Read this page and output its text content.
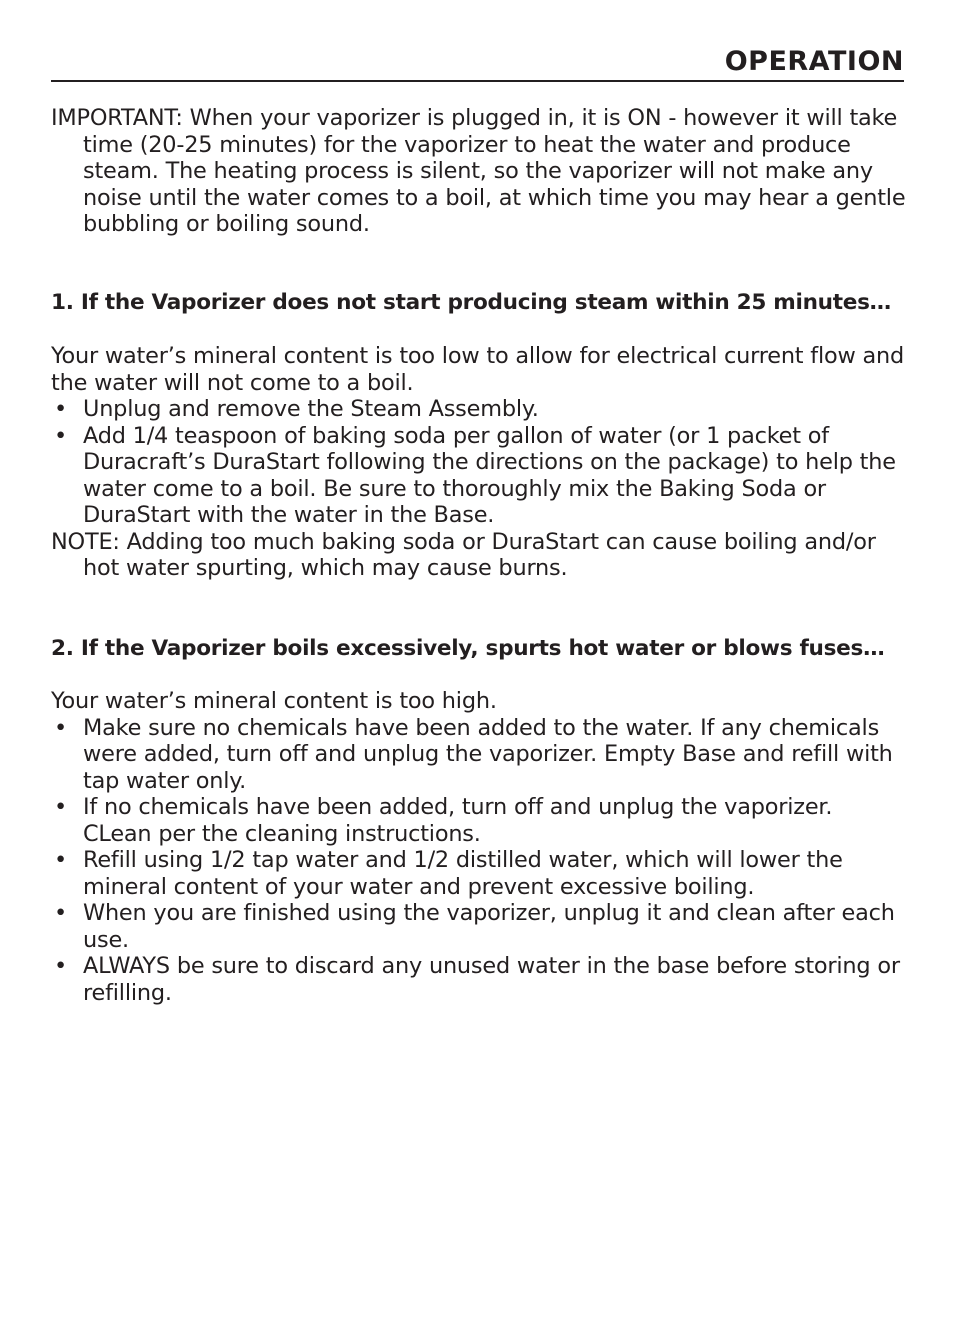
OPERATION

IMPORTANT: When your vaporizer is plugged in, it is ON - however it will take time (20-25 minutes) for the vaporizer to heat the water and produce steam. The heating process is silent, so the vaporizer will not make any noise until the water comes to a boil, at which time you may hear a gentle bubbling or boiling sound.

1. If the Vaporizer does not start producing steam within 25 minutes…

Your water’s mineral content is too low to allow for electrical current flow and the water will not come to a boil.

• Unplug and remove the Steam Assembly.
• Add 1/4 teaspoon of baking soda per gallon of water (or 1 packet of Duracraft’s DuraStart following the directions on the package) to help the water come to a boil. Be sure to thoroughly mix the Baking Soda or DuraStart with the water in the Base.

NOTE: Adding too much baking soda or DuraStart can cause boiling and/or hot water spurting, which may cause burns.

2. If the Vaporizer boils excessively, spurts hot water or blows fuses…

Your water’s mineral content is too high.

• Make sure no chemicals have been added to the water. If any chemicals were added, turn off and unplug the vaporizer. Empty Base and refill with tap water only.
• If no chemicals have been added, turn off and unplug the vaporizer. CLean per the cleaning instructions.
• Refill using 1/2 tap water and 1/2 distilled water, which will lower the mineral content of your water and prevent excessive boiling.
• When you are finished using the vaporizer, unplug it and clean after each use.
• ALWAYS be sure to discard any unused water in the base before storing or refilling.
